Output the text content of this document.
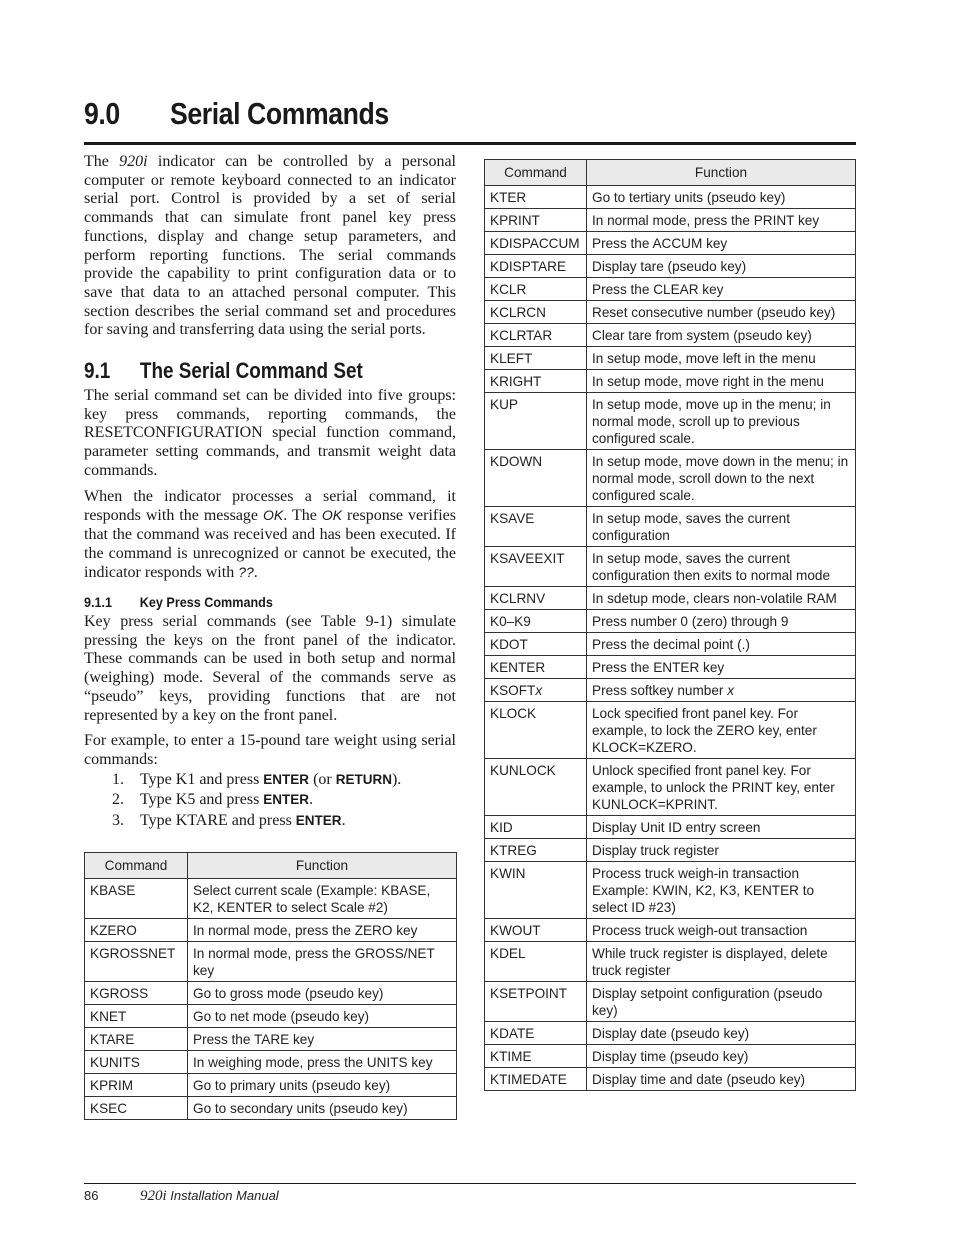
9.0 Serial Commands

The 920i indicator can be controlled by a personal computer or remote keyboard connected to an indicator serial port. Control is provided by a set of serial commands that can simulate front panel key press functions, display and change setup parameters, and perform reporting functions. The serial commands provide the capability to print configuration data or to save that data to an attached personal computer. This section describes the serial command set and procedures for saving and transferring data using the serial ports.

9.1 The Serial Command Set

The serial command set can be divided into five groups: key press commands, reporting commands, the RESETCONFIGURATION special function command, parameter setting commands, and transmit weight data commands.

When the indicator processes a serial command, it responds with the message OK. The OK response verifies that the command was received and has been executed. If the command is unrecognized or cannot be executed, the indicator responds with ??.

9.1.1 Key Press Commands

Key press serial commands (see Table 9-1) simulate pressing the keys on the front panel of the indicator. These commands can be used in both setup and normal (weighing) mode. Several of the commands serve as “pseudo” keys, providing functions that are not represented by a key on the front panel.

For example, to enter a 15-pound tare weight using serial commands:

1.	Type K1 and press ENTER (or RETURN).
2.	Type K5 and press ENTER.
3.	Type KTARE and press ENTER.
Command	Function
KBASE	Select current scale (Example: KBASE, K2, KENTER to select Scale #2)
KZERO	In normal mode, press the ZERO key
KGROSSNET	In normal mode, press the GROSS/NET key
KGROSS	Go to gross mode (pseudo key)
KNET	Go to net mode (pseudo key)
KTARE	Press the TARE key
KUNITS	In weighing mode, press the UNITS key
KPRIM	Go to primary units (pseudo key)
KSEC	Go to secondary units (pseudo key)
Command	Function
KTER	Go to tertiary units (pseudo key)
KPRINT	In normal mode, press the PRINT key
KDISPACCUM	Press the ACCUM key
KDISPTARE	Display tare (pseudo key)
KCLR	Press the CLEAR key
KCLRCN	Reset consecutive number (pseudo key)
KCLRTAR	Clear tare from system (pseudo key)
KLEFT	In setup mode, move left in the menu
KRIGHT	In setup mode, move right in the menu
KUP	In setup mode, move up in the menu; in normal mode, scroll up to previous configured scale.
KDOWN	In setup mode, move down in the menu; in normal mode, scroll down to the next configured scale.
KSAVE	In setup mode, saves the current configuration
KSAVEEXIT	In setup mode, saves the current configuration then exits to normal mode
KCLRNV	In sdetup mode, clears non-volatile RAM
K0–K9	Press number 0 (zero) through 9
KDOT	Press the decimal point (.)
KENTER	Press the ENTER key
KSOFTx	Press softkey number x
KLOCK	Lock specified front panel key. For example, to lock the ZERO key, enter KLOCK=KZERO.
KUNLOCK	Unlock specified front panel key. For example, to unlock the PRINT key, enter KUNLOCK=KPRINT.
KID	Display Unit ID entry screen
KTREG	Display truck register
KWIN	Process truck weigh-in transaction Example: KWIN, K2, K3, KENTER to select ID #23)
KWOUT	Process truck weigh-out transaction
KDEL	While truck register is displayed, delete truck register
KSETPOINT	Display setpoint configuration (pseudo key)
KDATE	Display date (pseudo key)
KTIME	Display time (pseudo key)
KTIMEDATE	Display time and date (pseudo key)
86	920i Installation Manual
